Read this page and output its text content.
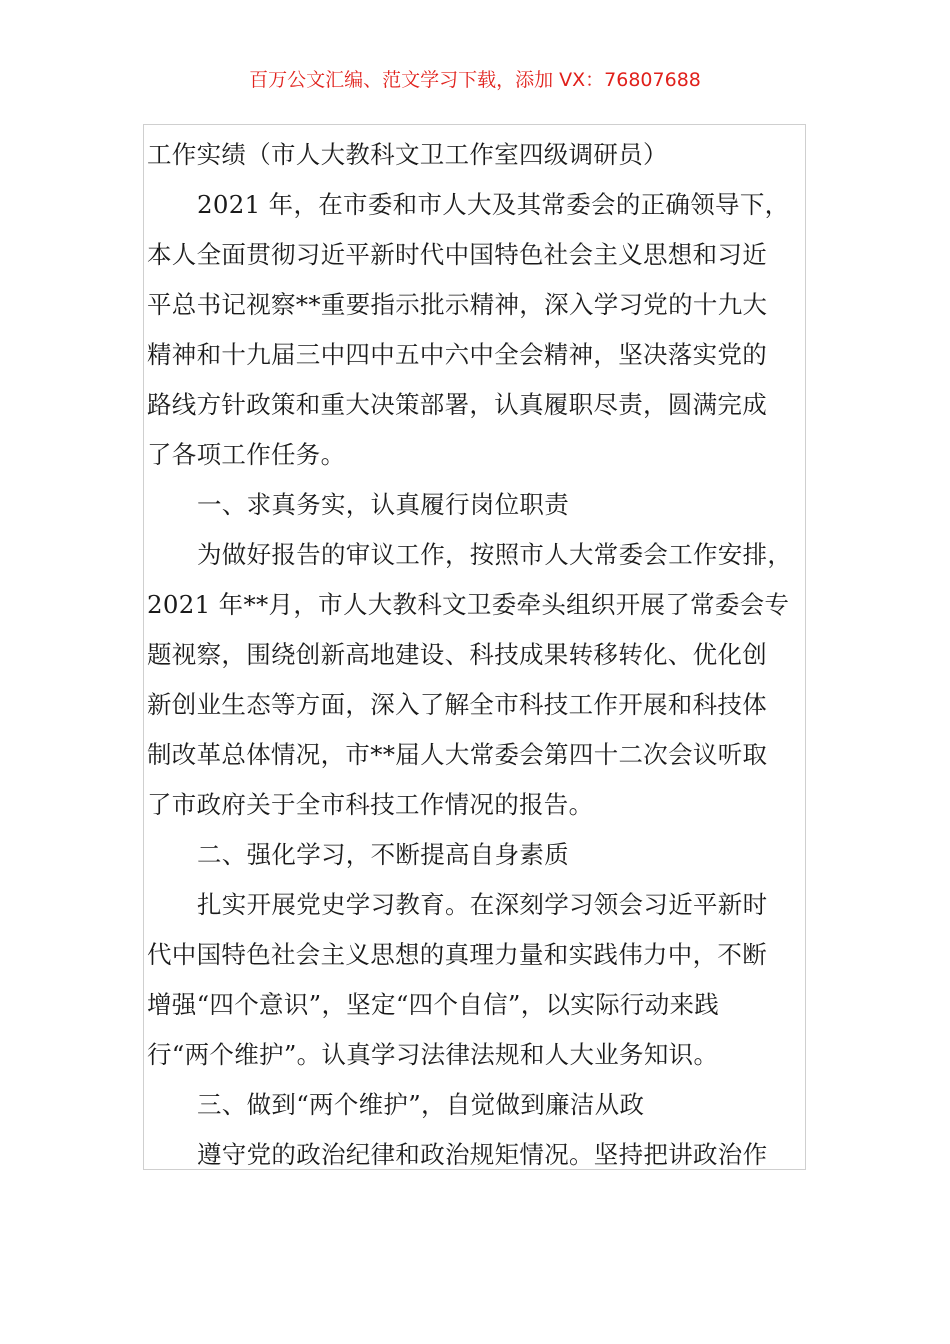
百万公文汇编、范文学习下载，添加 VX：76807688
工作实绩（市人大教科文卫工作室四级调研员）
2021 年，在市委和市人大及其常委会的正确领导下，
本人全面贯彻习近平新时代中国特色社会主义思想和习近
平总书记视察**重要指示批示精神，深入学习党的十九大
精神和十九届三中四中五中六中全会精神，坚决落实党的
路线方针政策和重大决策部署，认真履职尽责，圆满完成
了各项工作任务。
一、求真务实，认真履行岗位职责
为做好报告的审议工作，按照市人大常委会工作安排，
2021 年**月，市人大教科文卫委牵头组织开展了常委会专
题视察，围绕创新高地建设、科技成果转移转化、优化创
新创业生态等方面，深入了解全市科技工作开展和科技体
制改革总体情况，市**届人大常委会第四十二次会议听取
了市政府关于全市科技工作情况的报告。
二、强化学习，不断提高自身素质
扎实开展党史学习教育。在深刻学习领会习近平新时
代中国特色社会主义思想的真理力量和实践伟力中，不断
增强“四个意识”，坚定“四个自信”，以实际行动来践
行“两个维护”。认真学习法律法规和人大业务知识。
三、做到“两个维护”，自觉做到廉洁从政
遵守党的政治纪律和政治规矩情况。坚持把讲政治作
